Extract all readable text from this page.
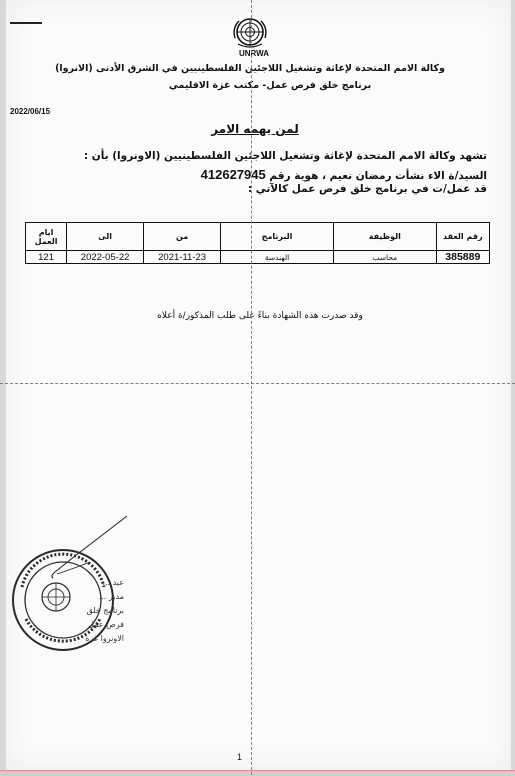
UNRWA
وكالة الامم المتحدة لإغاثة وتشغيل اللاجئين الفلسطينيين في الشرق الأدنى (الانروا)
برنامج خلق فرص عمل- مكتب غزة الاقليمي
2022/06/15
لمن يهمه الامر
تشهد وكالة الامم المتحدة لإغاثة وتشغيل اللاجئين الفلسطينيين (الاونروا) بأن :
السيد/ة الاء نشأت رمضان نعيم ، هوية رقم 412627945
قد عمل/ت في برنامج خلق فرص عمل كالآتي :
رقم العقد	الوظيفة	البرنامج	من	الى	ايام العمل
385889	محاسب	الهندسة	2021-11-23	2022-05-22	121
وقد صدرت هذه الشهادة بناءً على طلب المذكور/ة أعلاه
عبد ...
مدير ...
برنامج خلق فرص عمل
الاونروا غزة
1
